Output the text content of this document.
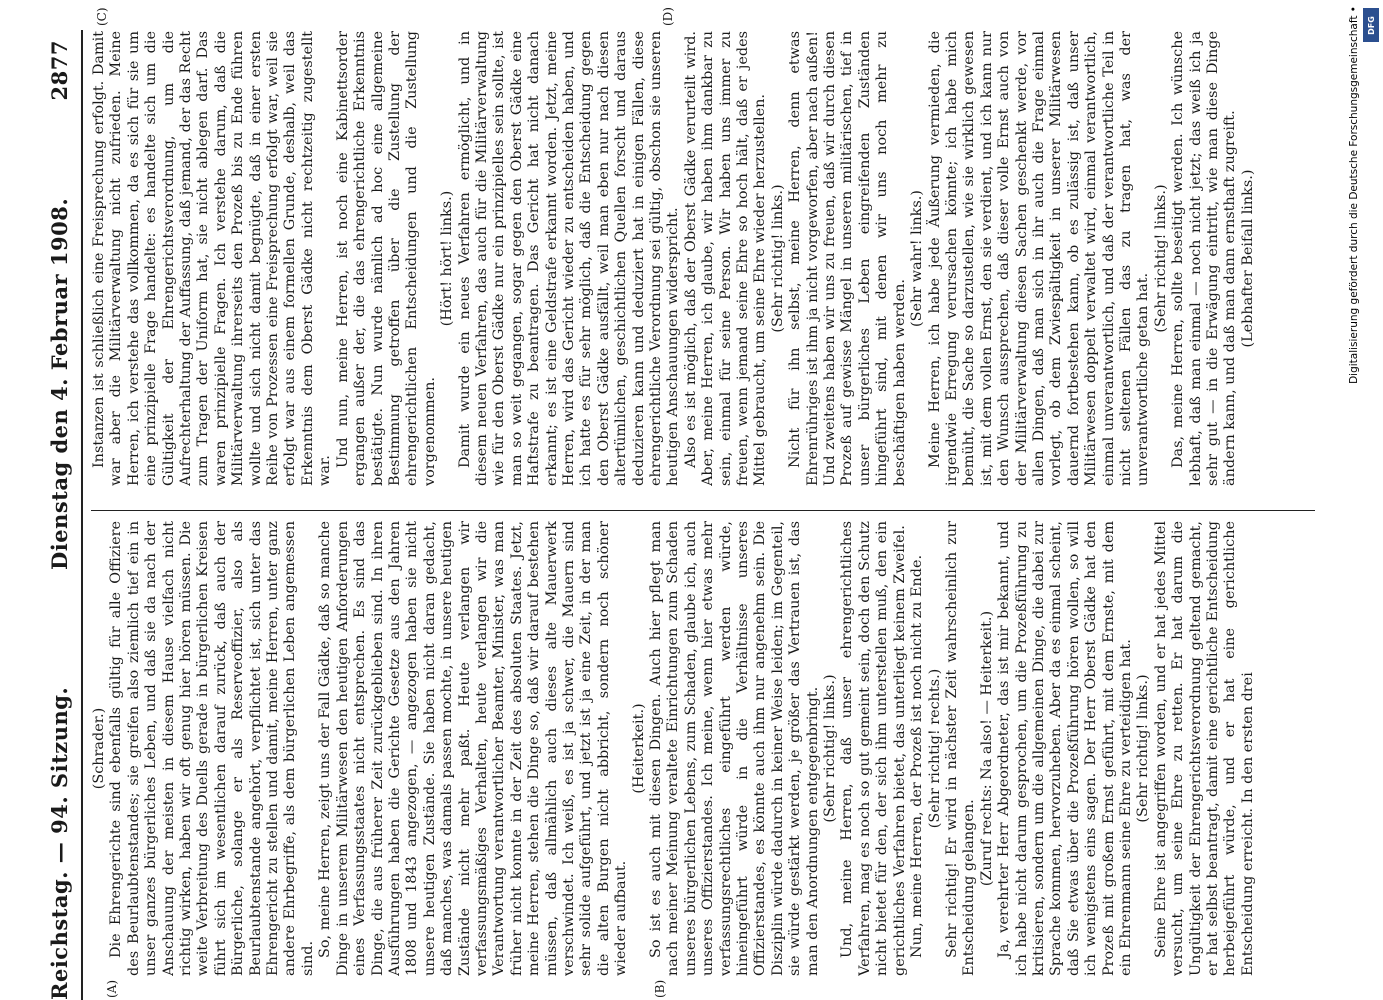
Reichstag. — 94. Sitzung.
Dienstag den 4. Februar 1908.
2877
(A)	(B)
(C)	(D)

(Schrader.) Die Ehrengerichte sind ebenfalls gültig für alle Offiziere des Beurlaubtenstandes; sie greifen also ziemlich tief ein in unser ganzes bürgerliches Leben, und daß sie da nach der Anschauung der meisten in diesem Hause vielfach nicht richtig wirken, haben wir oft genug hier hören müssen. Die weite Verbreitung des Duells gerade in bürgerlichen Kreisen führt sich im wesentlichen darauf zurück, daß auch der Bürgerliche, solange er als Reserveoffizier, also als Beurlaubtenstande angehört, verpflichtet ist, sich unter das Ehrengericht zu stellen und damit, meine Herren, unter ganz andere Ehrbegriffe, als dem bürgerlichen Leben angemessen sind.

So, meine Herren, zeigt uns der Fall Gädke, daß so manche Dinge in unserem Militärwesen den heutigen Anforderungen eines Verfassungsstaates nicht entsprechen. Es sind das Dinge, die aus früherer Zeit zurückgeblieben sind. In ihren Ausführungen haben die Gerichte Gesetze aus den Jahren 1808 und 1843 angezogen, — angezogen haben sie nicht unsere heutigen Zustände. Sie haben nicht daran gedacht, daß manches, was damals passen mochte, in unsere heutigen Zustände nicht mehr paßt. Heute verlangen wir verfassungsmäßiges Verhalten, heute verlangen wir die Verantwortung verantwortlicher Beamter, Minister, was man früher nicht konnte in der Zeit des absoluten Staates. Jetzt, meine Herren, stehen die Dinge so, daß wir darauf bestehen müssen, daß allmählich auch dieses alte Mauerwerk verschwindet. Ich weiß, es ist ja schwer, die Mauern sind sehr solide aufgeführt, und jetzt ist ja eine Zeit, in der man die alten Burgen nicht abbricht, sondern noch schöner wieder aufbaut.

(Heiterkeit.) So ist es auch mit diesen Dingen. Auch hier pflegt man nach meiner Meinung veraltete Einrichtungen zum Schaden unseres bürgerlichen Lebens, zum Schaden, glaube ich, auch unseres Offizierstandes. Ich meine, wenn hier etwas mehr verfassungsrechtliches eingeführt werden würde, hineingeführt würde in die Verhältnisse unseres Offizierstandes, es könnte auch ihm nur angenehm sein. Die Disziplin würde dadurch in keiner Weise leiden; im Gegenteil, sie würde gestärkt werden, je größer das Vertrauen ist, das man den Anordnungen entgegenbringt. (Sehr richtig! links.) Und, meine Herren, daß unser ehrengerichtliches Verfahren, mag es noch so gut gemeint sein, doch den Schutz nicht bietet für den, der sich ihm unterstellen muß, den ein gerichtliches Verfahren bietet, das unterliegt keinem Zweifel. Nun, meine Herren, der Prozeß ist noch nicht zu Ende. (Sehr richtig! rechts.) Sehr richtig! Er wird in nächster Zeit wahrscheinlich zur Entscheidung gelangen.

(Zuruf rechts: Na also! — Heiterkeit.) Ja, verehrter Herr Abgeordneter, das ist mir bekannt, und ich habe nicht darum gesprochen, um die Prozeßführung zu kritisieren, sondern um die allgemeinen Dinge, die dabei zur Sprache kommen, hervorzuheben. Aber da es einmal scheint, daß Sie etwas über die Prozeßführung hören wollen, so will ich wenigstens eins sagen. Der Herr Oberst Gädke hat den Prozeß mit großem Ernst geführt, mit dem Ernste, mit dem ein Ehrenmann seine Ehre zu verteidigen hat. (Sehr richtig! links.) Seine Ehre ist angegriffen worden, und er hat jedes Mittel versucht, um seine Ehre zu retten. Er hat darum die Ungültigkeit der Ehrengerichtsverordnung geltend gemacht, er hat selbst beantragt, damit eine gerichtliche Entscheidung herbeigeführt würde, und er hat eine gerichtliche Entscheidung erreicht. In den ersten drei

Instanzen ist schließlich eine Freisprechung erfolgt. Damit war aber die Militärverwaltung nicht zufrieden. Meine Herren, ich verstehe das vollkommen, da es sich für sie um eine prinzipielle Frage handelte: es handelte sich um die Gültigkeit der Ehrengerichtsverordnung, um die Aufrechterhaltung der Auffassung, daß jemand, der das Recht zum Tragen der Uniform hat, sie nicht ablegen darf. Das waren prinzipielle Fragen. Ich verstehe darum, daß die Militärverwaltung ihrerseits den Prozeß bis zu Ende führen wollte und sich nicht damit begnügte, daß in einer ersten Reihe von Prozessen eine Freisprechung erfolgt war, weil sie erfolgt war aus einem formellen Grunde, deshalb, weil das Erkenntnis dem Oberst Gädke nicht rechtzeitig zugestellt war.

Und nun, meine Herren, ist noch eine Kabinettsorder ergangen außer der, die das ehrengerichtliche Erkenntnis bestätigte. Nun wurde nämlich ad hoc eine allgemeine Bestimmung getroffen über die Zustellung der ehrengerichtlichen Entscheidungen und die Zustellung vorgenommen.

(Hört! hört! links.) Damit wurde ein neues Verfahren ermöglicht, und in diesem neuen Verfahren, das auch für die Militärverwaltung wie für den Oberst Gädke nur ein prinzipielles sein sollte, ist man so weit gegangen, sogar gegen den Oberst Gädke eine Haftstrafe zu beantragen. Das Gericht hat nicht danach erkannt; es ist eine Geldstrafe erkannt worden. Jetzt, meine Herren, wird das Gericht wieder zu entscheiden haben, und ich hatte es für sehr möglich, daß die Entscheidung gegen den Oberst Gädke ausfällt, weil man eben nur nach diesen altertümlichen, geschichtlichen Quellen forscht und daraus deduzieren kann und deduziert hat in einigen Fällen, diese ehrengerichtliche Verordnung sei gültig, obschon sie unseren heutigen Anschauungen widerspricht. Also es ist möglich, daß der Oberst Gädke verurteilt wird. Aber, meine Herren, ich glaube, wir haben ihm dankbar zu sein, einmal für seine Person. Wir haben uns immer zu freuen, wenn jemand seine Ehre so hoch hält, daß er jedes Mittel gebraucht, um seine Ehre wieder herzustellen. (Sehr richtig! links.) Nicht für ihn selbst, meine Herren, denn etwas Ehrenrühriges ist ihm ja nicht vorgeworfen, aber nach außen! Und zweitens haben wir uns zu freuen, daß wir durch diesen Prozeß auf gewisse Mängel in unseren militärischen, tief in unser bürgerliches Leben eingreifenden Zuständen hingeführt sind, mit denen wir uns noch mehr zu beschäftigen haben werden.

(Sehr wahr! links.) Meine Herren, ich habe jede Äußerung vermieden, die irgendwie Erregung verursachen könnte; ich habe mich bemüht, die Sache so darzustellen, wie sie wirklich gewesen ist, mit dem vollen Ernst, den sie verdient, und ich kann nur den Wunsch aussprechen, daß dieser volle Ernst auch von der Militärverwaltung diesen Sachen geschenkt werde, vor allen Dingen, daß man sich in ihr auch die Frage einmal vorlegt, ob dem Zwiespältigkeit in unserer Militärwesen dauernd fortbestehen kann, ob es zulässig ist, daß unser Militärwesen doppelt verwaltet wird, einmal verantwortlich, einmal unverantwortlich, und daß der verantwortliche Teil in nicht seltenen Fällen das zu tragen hat, was der unverantwortliche getan hat.

(Sehr richtig! links.) Das, meine Herren, sollte beseitigt werden. Ich wünsche lebhaft, daß man einmal — noch nicht jetzt; das weiß ich ja sehr gut — in die Erwägung eintritt, wie man diese Dinge ändern kann, und daß man dann ernsthaft zugreift. (Lebhafter Beifall links.)

DFG
Digitalisierung gefördert durch die Deutsche Forschungsgemeinschaft •
